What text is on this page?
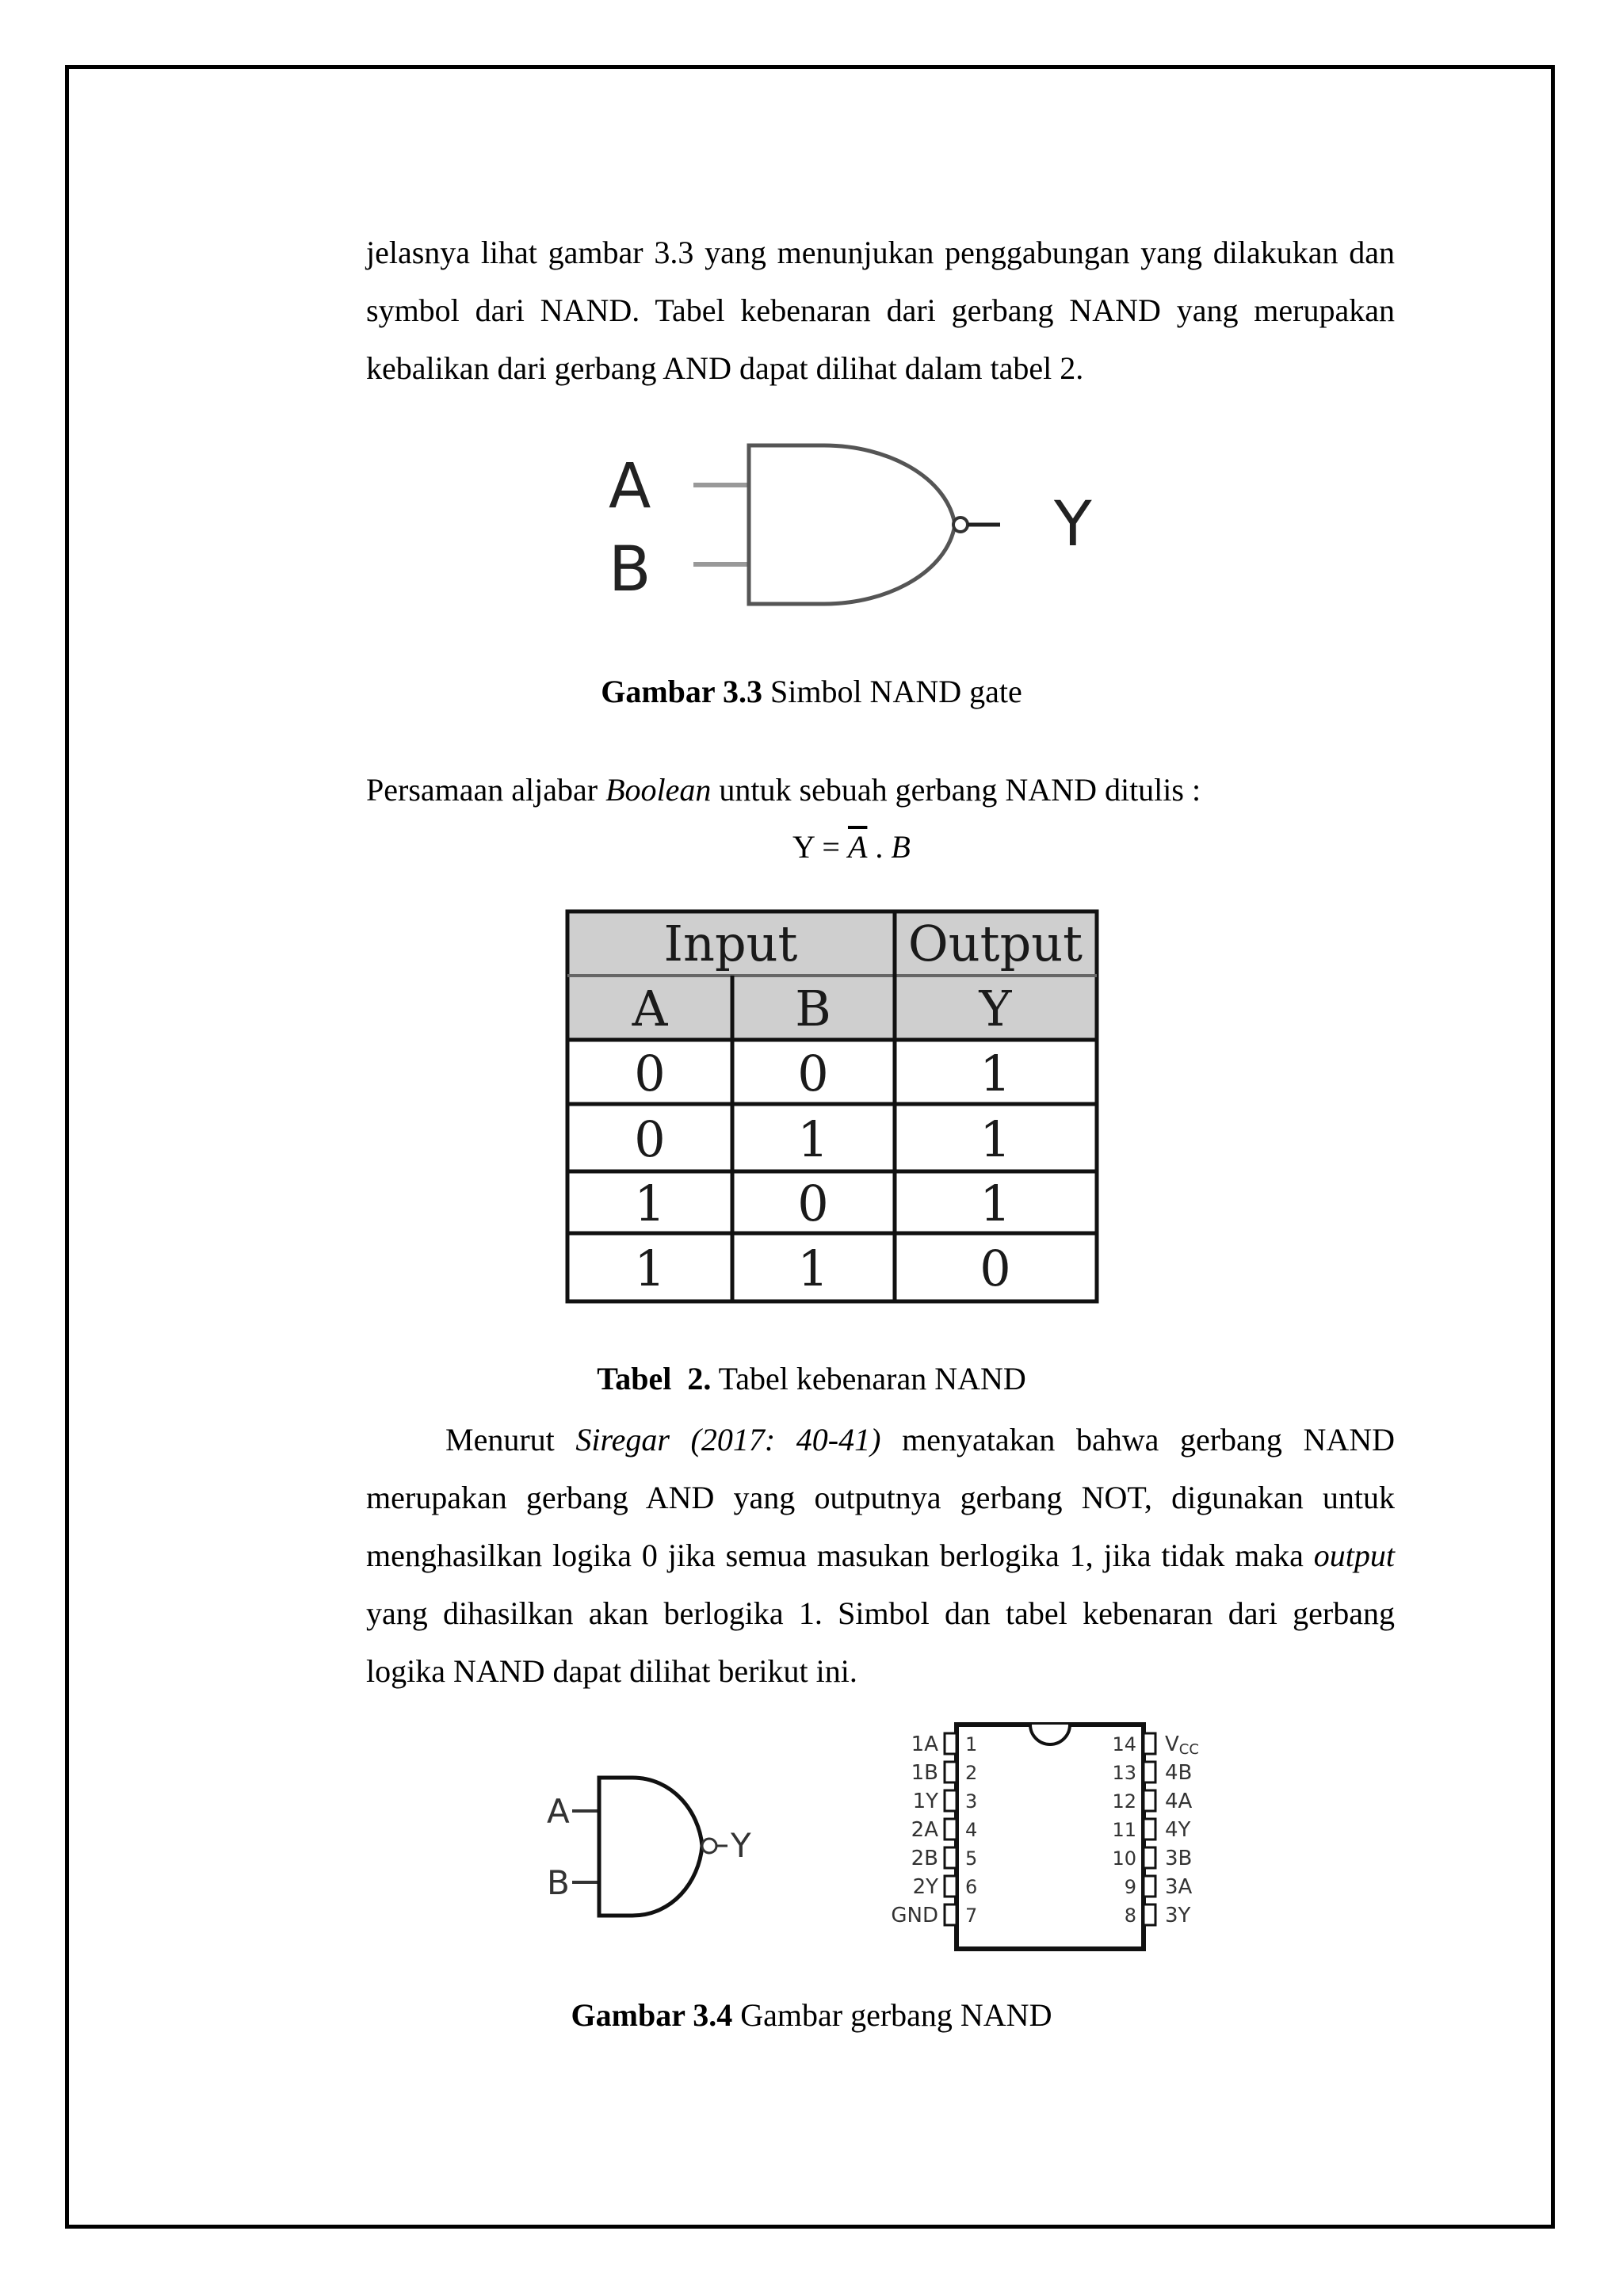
jelasnya lihat gambar 3.3 yang menunjukan penggabungan yang dilakukan dan symbol dari NAND. Tabel kebenaran dari gerbang NAND yang merupakan kebalikan dari gerbang AND dapat dilihat dalam tabel 2.

A
B
Y
Gambar 3.3 Simbol NAND gate
Persamaan aljabar Boolean untuk sebuah gerbang NAND ditulis :
$Y = \overline{A}$ . B
Input Output
A	B	Y
0	0	1
0	1	1
1	0	1
1	1	0
Tabel  2. Tabel kebenaran NAND

Menurut Siregar (2017: 40-41) menyatakan bahwa gerbang NAND merupakan gerbang AND yang outputnya gerbang NOT, digunakan untuk menghasilkan logika 0 jika semua masukan berlogika 1, jika tidak maka output yang dihasilkan akan berlogika 1. Simbol dan tabel kebenaran dari gerbang logika NAND dapat dilihat berikut ini.

A
B
Y
1A 1
1B 2
1Y 3
2A 4
2B 5
2Y 6
GND 7
14 VCC
13 4B
12 4A
11 4Y
10 3B
9 3A
8 3Y
Gambar 3.4 Gambar gerbang NAND
